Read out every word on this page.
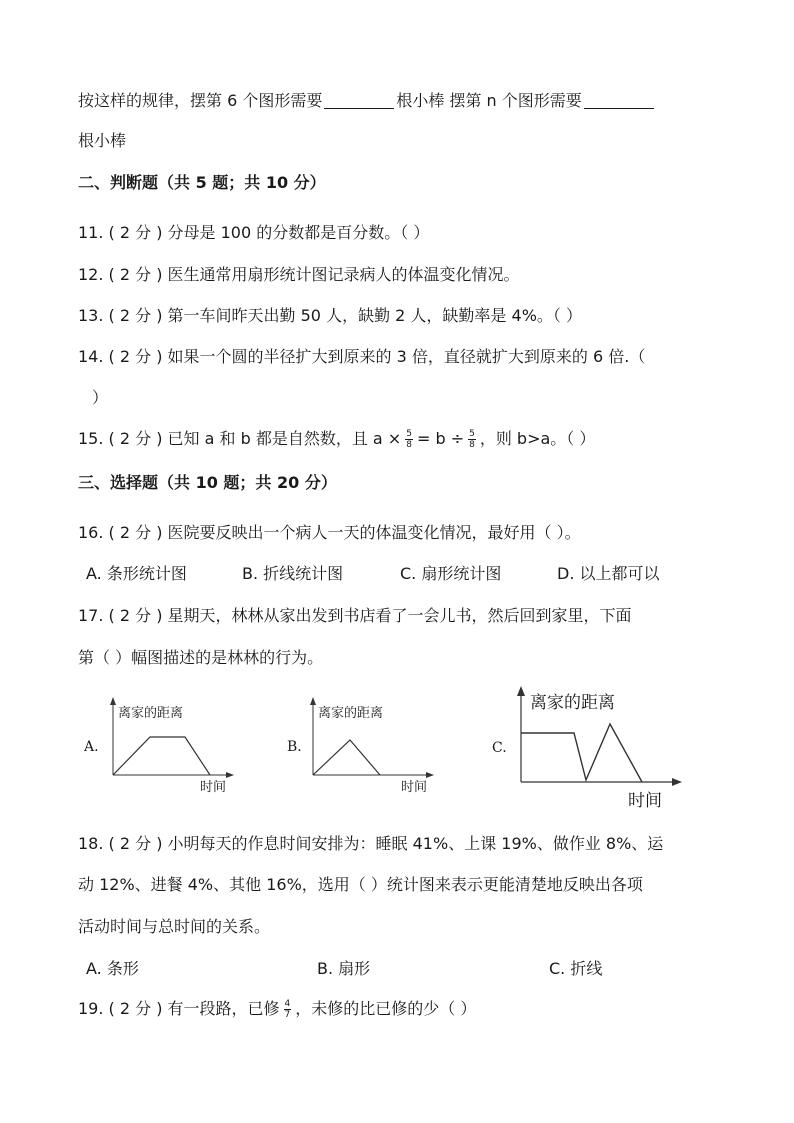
按这样的规律，摆第 6 个图形需要	根小棒 摆第 n 个图形需要
根小棒
二、判断题（共 5 题；共 10 分）
11. ( 2 分 ) 分母是 100 的分数都是百分数。（ ）
12. ( 2 分 ) 医生通常用扇形统计图记录病人的体温变化情况。
13. ( 2 分 ) 第一车间昨天出勤 50 人，缺勤 2 人，缺勤率是 4%。（ ）
14. ( 2 分 ) 如果一个圆的半径扩大到原来的 3 倍，直径就扩大到原来的 6 倍.（
）
15. ( 2 分 ) 已知 a 和 b 都是自然数，且 $a \times \frac{5}{8} = b \div \frac{5}{8}$ ，则 b>a。（ ）
三、选择题（共 10 题；共 20 分）
16. ( 2 分 ) 医院要反映出一个病人一天的体温变化情况，最好用（ ）。
A. 条形统计图	B. 折线统计图	C. 扇形统计图	D. 以上都可以
17. ( 2 分 ) 星期天，林林从家出发到书店看了一会儿书，然后回到家里，下面
第（ ）幅图描述的是林林的行为。
A.
离家的距离
时间
B.
离家的距离
时间
C.
离家的距离
时间
18. ( 2 分 ) 小明每天的作息时间安排为：睡眠 41%、上课 19%、做作业 8%、运
动 12%、进餐 4%、其他 16%，选用（ ）统计图来表示更能清楚地反映出各项
活动时间与总时间的关系。
A. 条形	B. 扇形	C. 折线
19. ( 2 分 ) 有一段路，已修 $\frac{4}{7}$ ，未修的比已修的少（ ）
